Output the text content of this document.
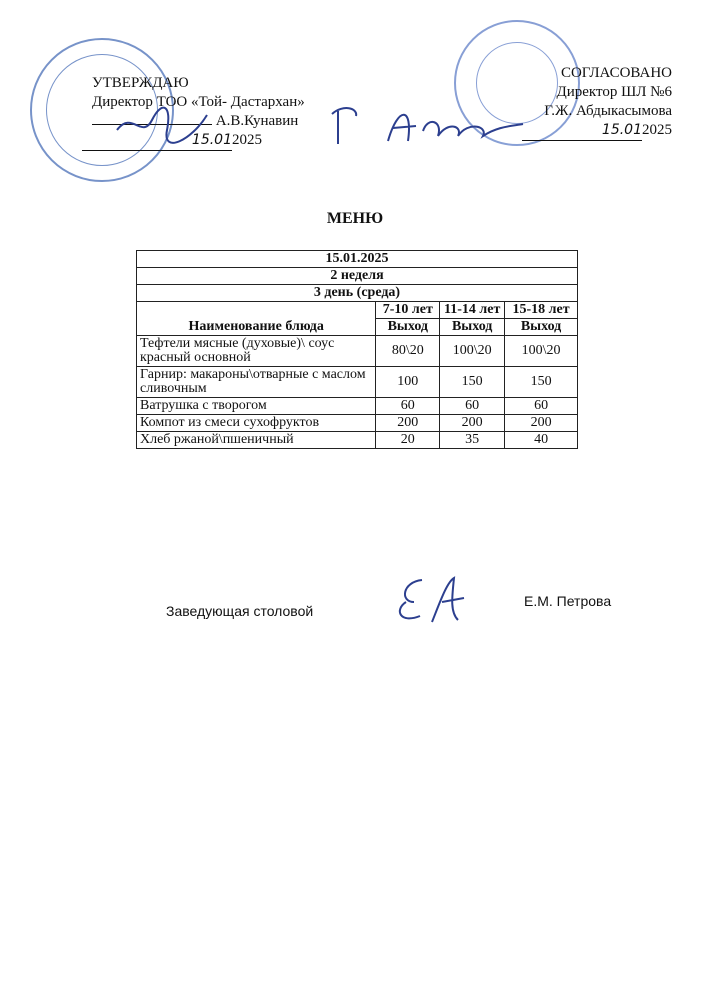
УТВЕРЖДАЮ
Директор ТОО «Той- Дастархан»
А.В.Кунавин
15.012025
СОГЛАСОВАНО
Директор ШЛ №6
Г.Ж. Абдыкасымова
15.012025
МЕНЮ
15.01.2025			
2 неделя			
3 день (среда)			
Наименование блюда	7-10 лет	11-14 лет	15-18 лет
	Выход	Выход	Выход
Тефтели мясные (духовые)\ соус красный основной	80\20	100\20	100\20
Гарнир: макароны\отварные с маслом сливочным	100	150	150
Ватрушка с творогом	60	60	60
Компот из смеси сухофруктов	200	200	200
Хлеб ржаной\пшеничный	20	35	40
Заведующая столовой
Е.М. Петрова
